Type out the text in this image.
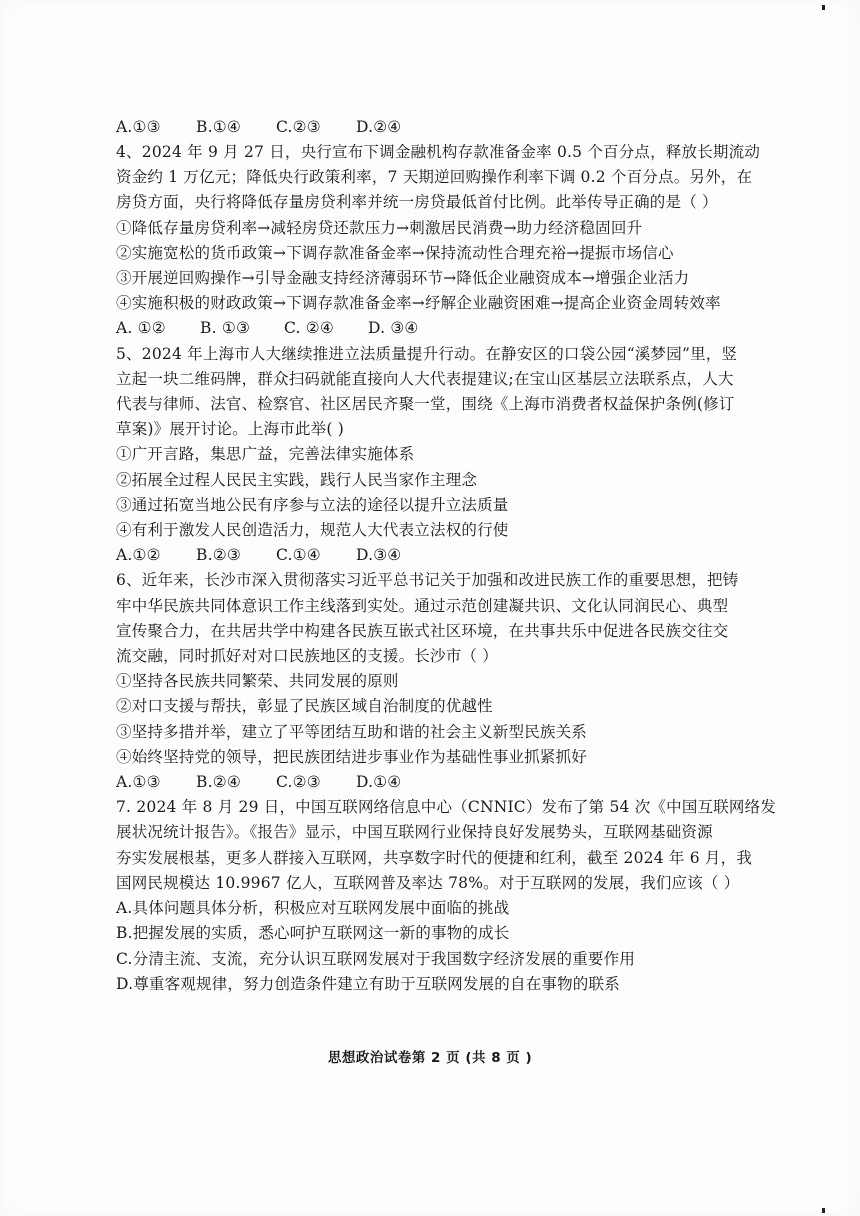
A.①③	B.①④	C.②③	D.②④
4、2024 年 9 月 27 日，央行宣布下调金融机构存款准备金率 0.5 个百分点，释放长期流动
资金约 1 万亿元；降低央行政策利率，7 天期逆回购操作利率下调 0.2 个百分点。另外，在
房贷方面，央行将降低存量房贷利率并统一房贷最低首付比例。此举传导正确的是（ ）
①降低存量房贷利率→减轻房贷还款压力→刺激居民消费→助力经济稳固回升
②实施宽松的货币政策→下调存款准备金率→保持流动性合理充裕→提振市场信心
③开展逆回购操作→引导金融支持经济薄弱环节→降低企业融资成本→增强企业活力
④实施积极的财政政策→下调存款准备金率→纾解企业融资困难→提高企业资金周转效率
A. ①②	B. ①③	C. ②④	D. ③④
5、2024 年上海市人大继续推进立法质量提升行动。在静安区的口袋公园“溪梦园”里，竖
立起一块二维码牌，群众扫码就能直接向人大代表提建议;在宝山区基层立法联系点，人大
代表与律师、法官、检察官、社区居民齐聚一堂，围绕《上海市消费者权益保护条例(修订
草案)》展开讨论。上海市此举( )
①广开言路，集思广益，完善法律实施体系
②拓展全过程人民民主实践，践行人民当家作主理念
③通过拓宽当地公民有序参与立法的途径以提升立法质量
④有利于激发人民创造活力，规范人大代表立法权的行使
A.①②	B.②③	C.①④	D.③④
6、近年来，长沙市深入贯彻落实习近平总书记关于加强和改进民族工作的重要思想，把铸
牢中华民族共同体意识工作主线落到实处。通过示范创建凝共识、文化认同润民心、典型
宣传聚合力，在共居共学中构建各民族互嵌式社区环境，在共事共乐中促进各民族交往交
流交融，同时抓好对对口民族地区的支援。长沙市（ ）
①坚持各民族共同繁荣、共同发展的原则
②对口支援与帮扶，彰显了民族区域自治制度的优越性
③坚持多措并举，建立了平等团结互助和谐的社会主义新型民族关系
④始终坚持党的领导，把民族团结进步事业作为基础性事业抓紧抓好
A.①③	B.②④	C.②③	D.①④
7. 2024 年 8 月 29 日，中国互联网络信息中心（CNNIC）发布了第 54 次《中国互联网络发
展状况统计报告》。《报告》显示，中国互联网行业保持良好发展势头，互联网基础资源
夯实发展根基，更多人群接入互联网，共享数字时代的便捷和红利，截至 2024 年 6 月，我
国网民规模达 10.9967 亿人，互联网普及率达 78%。对于互联网的发展，我们应该（ ）
A.具体问题具体分析，积极应对互联网发展中面临的挑战
B.把握发展的实质，悉心呵护互联网这一新的事物的成长
C.分清主流、支流，充分认识互联网发展对于我国数字经济发展的重要作用
D.尊重客观规律，努力创造条件建立有助于互联网发展的自在事物的联系
思想政治试卷第 2 页 (共 8 页 )
